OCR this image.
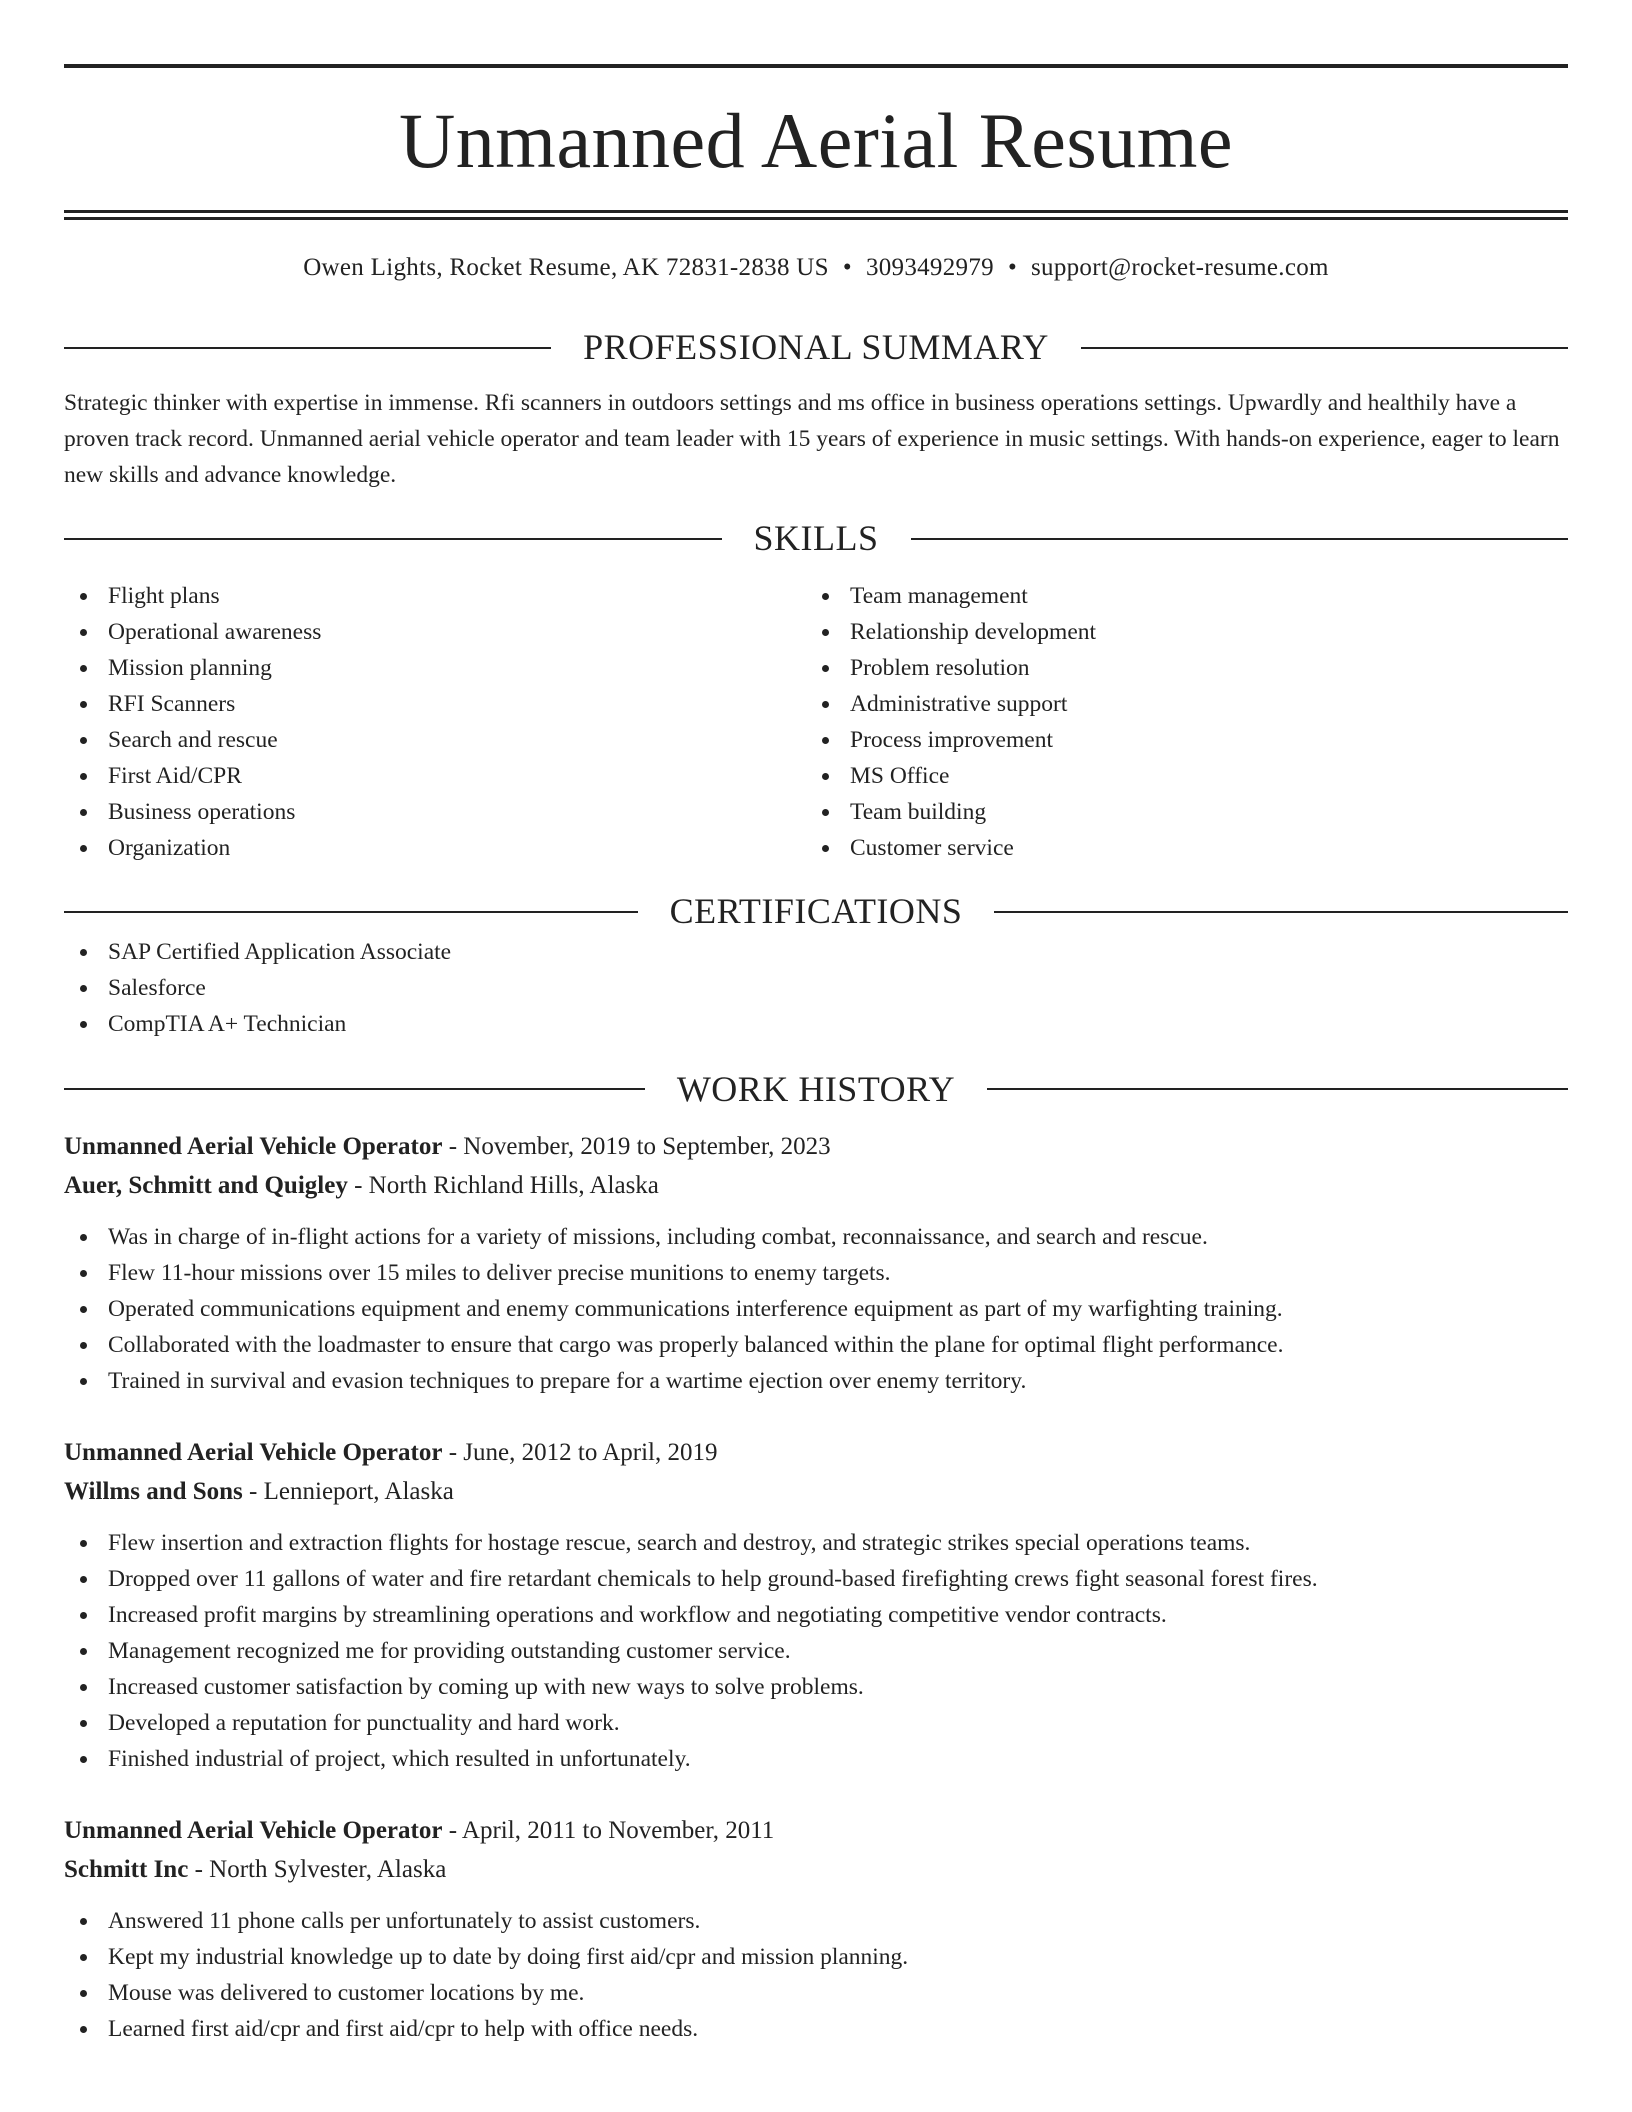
Unmanned Aerial Resume
Owen Lights, Rocket Resume, AK 72831-2838 US • 3093492979 • support@rocket-resume.com
PROFESSIONAL SUMMARY

Strategic thinker with expertise in immense. Rfi scanners in outdoors settings and ms office in business operations settings. Upwardly and healthily have a proven track record. Unmanned aerial vehicle operator and team leader with 15 years of experience in music settings. With hands-on experience, eager to learn new skills and advance knowledge.

SKILLS
Flight plans
Operational awareness
Mission planning
RFI Scanners
Search and rescue
First Aid/CPR
Business operations
Organization
Team management
Relationship development
Problem resolution
Administrative support
Process improvement
MS Office
Team building
Customer service
CERTIFICATIONS
SAP Certified Application Associate
Salesforce
CompTIA A+ Technician
WORK HISTORY
Unmanned Aerial Vehicle Operator - November, 2019 to September, 2023
Auer, Schmitt and Quigley - North Richland Hills, Alaska
Was in charge of in-flight actions for a variety of missions, including combat, reconnaissance, and search and rescue.
Flew 11-hour missions over 15 miles to deliver precise munitions to enemy targets.
Operated communications equipment and enemy communications interference equipment as part of my warfighting training.
Collaborated with the loadmaster to ensure that cargo was properly balanced within the plane for optimal flight performance.
Trained in survival and evasion techniques to prepare for a wartime ejection over enemy territory.
Unmanned Aerial Vehicle Operator - June, 2012 to April, 2019
Willms and Sons - Lennieport, Alaska
Flew insertion and extraction flights for hostage rescue, search and destroy, and strategic strikes special operations teams.
Dropped over 11 gallons of water and fire retardant chemicals to help ground-based firefighting crews fight seasonal forest fires.
Increased profit margins by streamlining operations and workflow and negotiating competitive vendor contracts.
Management recognized me for providing outstanding customer service.
Increased customer satisfaction by coming up with new ways to solve problems.
Developed a reputation for punctuality and hard work.
Finished industrial of project, which resulted in unfortunately.
Unmanned Aerial Vehicle Operator - April, 2011 to November, 2011
Schmitt Inc - North Sylvester, Alaska
Answered 11 phone calls per unfortunately to assist customers.
Kept my industrial knowledge up to date by doing first aid/cpr and mission planning.
Mouse was delivered to customer locations by me.
Learned first aid/cpr and first aid/cpr to help with office needs.
